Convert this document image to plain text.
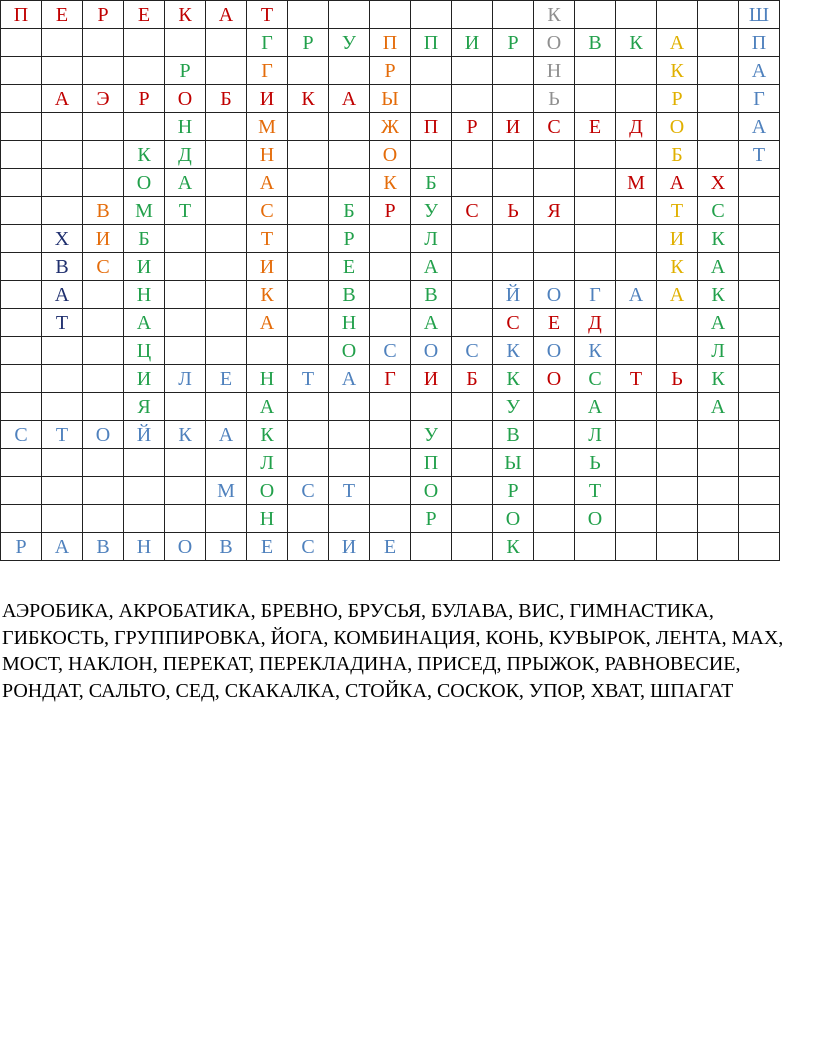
П	Е	Р	Е	К	А	Т							К					Ш
						Г	Р	У	П	П	И	Р	О	В	К	А		П
				Р		Г			Р				Н			К		А
	А	Э	Р	О	Б	И	К	А	Ы				Ь			Р		Г
				Н		М			Ж	П	Р	И	С	Е	Д	О		А
			К	Д		Н			О							Б		Т
			О	А		А			К	Б					М	А	Х	
		В	М	Т		С		Б	Р	У	С	Ь	Я			Т	С	
	Х	И	Б			Т		Р		Л						И	К	
	В	С	И			И		Е		А						К	А	
	А		Н			К		В		В		Й	О	Г	А	А	К	
	Т		А			А		Н		А		С	Е	Д			А	
			Ц					О	С	О	С	К	О	К			Л	
			И	Л	Е	Н	Т	А	Г	И	Б	К	О	С	Т	Ь	К	
			Я			А						У		А			А	
С	Т	О	Й	К	А	К				У		В		Л				
						Л				П		Ы		Ь				
					М	О	С	Т		О		Р		Т				
						Н				Р		О		О				
Р	А	В	Н	О	В	Е	С	И	Е			К						

АЭРОБИКА, АКРОБАТИКА, БРЕВНО, БРУСЬЯ, БУЛАВА, ВИС, ГИМНАСТИКА, ГИБКОСТЬ, ГРУППИРОВКА, ЙОГА, КОМБИНАЦИЯ, КОНЬ, КУВЫРОК, ЛЕНТА, МАХ, МОСТ, НАКЛОН, ПЕРЕКАТ, ПЕРЕКЛАДИНА, ПРИСЕД, ПРЫЖОК, РАВНОВЕСИЕ, РОНДАТ, САЛЬТО, СЕД, СКАКАЛКА, СТОЙКА, СОСКОК, УПОР, ХВАТ, ШПАГАТ
